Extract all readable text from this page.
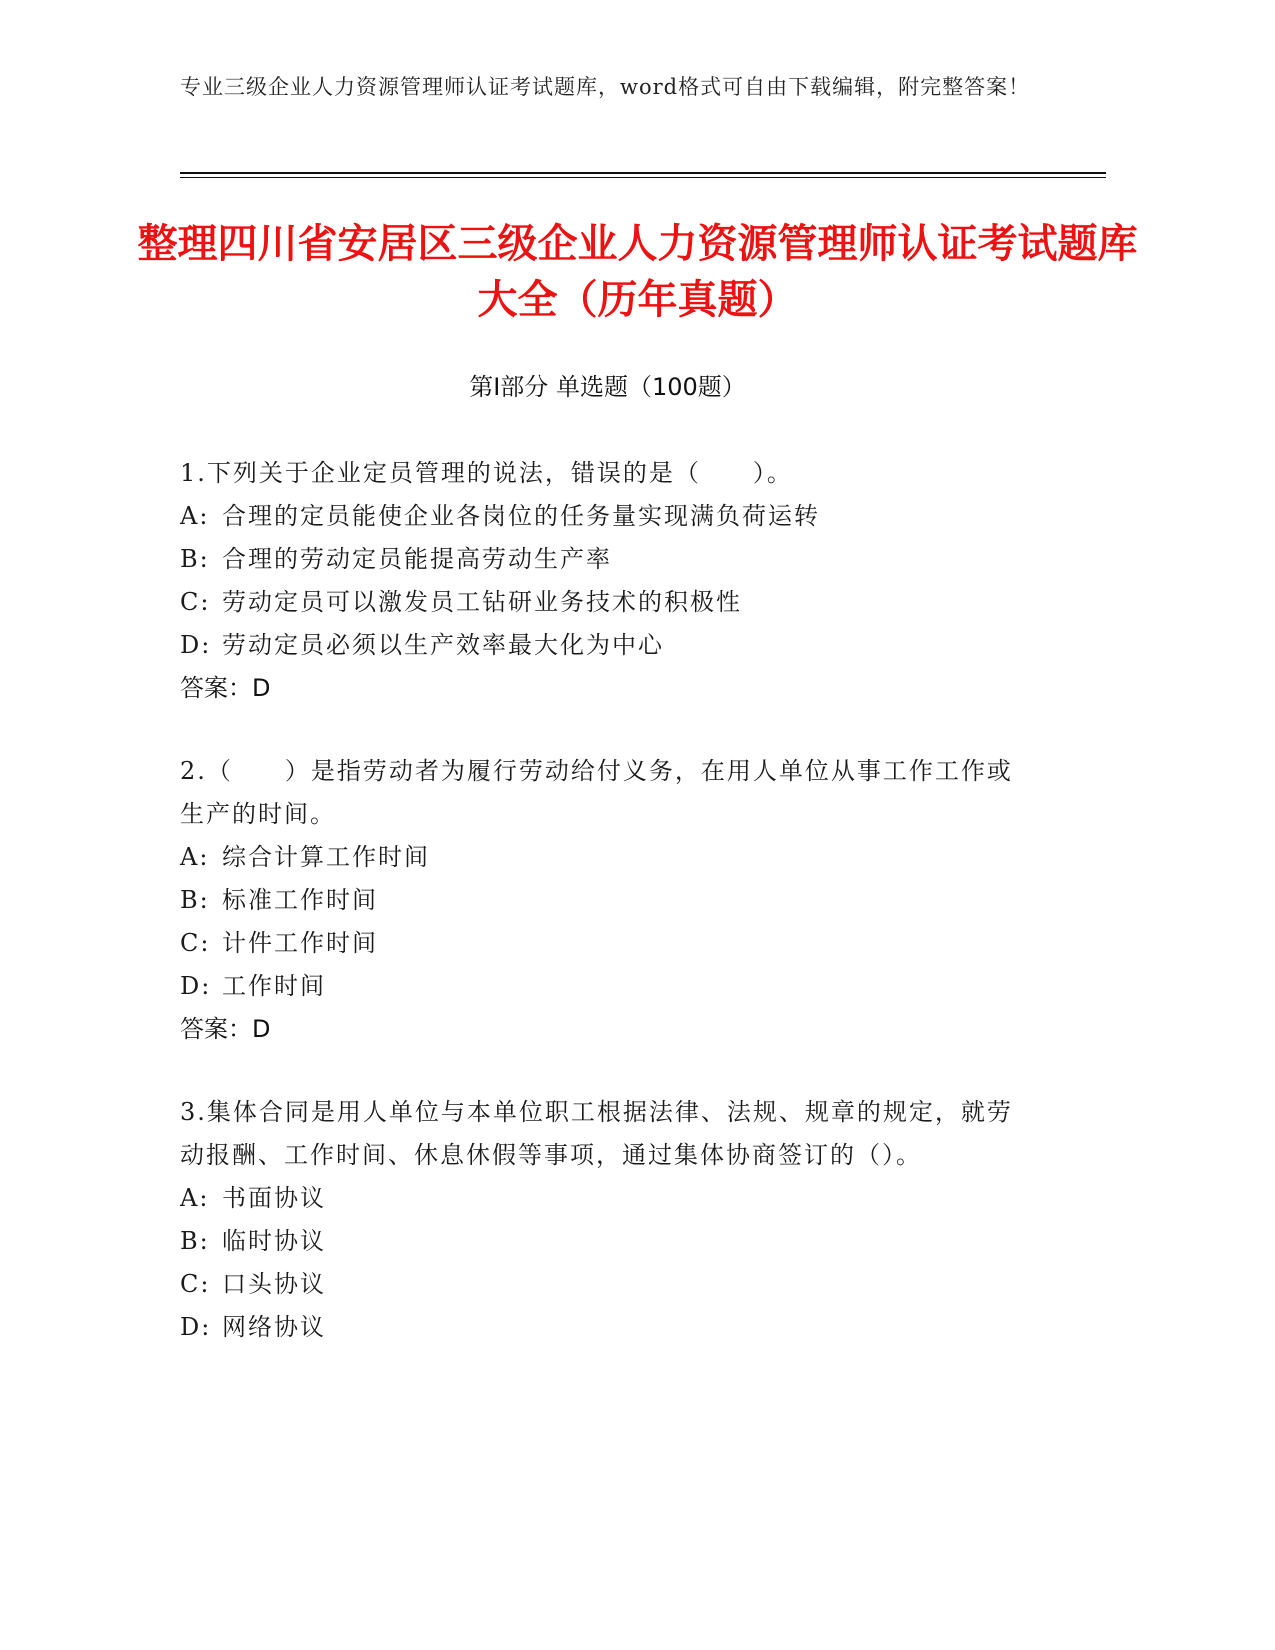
专业三级企业人力资源管理师认证考试题库，word格式可自由下载编辑，附完整答案！
整理四川省安居区三级企业人力资源管理师认证考试题库大全（历年真题）
第Ⅰ部分 单选题（100题）
1.下列关于企业定员管理的说法，错误的是（　　）。
A: 合理的定员能使企业各岗位的任务量实现满负荷运转
B: 合理的劳动定员能提高劳动生产率
C: 劳动定员可以激发员工钻研业务技术的积极性
D: 劳动定员必须以生产效率最大化为中心
答案：D
2.（　　）是指劳动者为履行劳动给付义务，在用人单位从事工作工作或生产的时间。
A: 综合计算工作时间
B: 标准工作时间
C: 计件工作时间
D: 工作时间
答案：D
3.集体合同是用人单位与本单位职工根据法律、法规、规章的规定，就劳动报酬、工作时间、休息休假等事项，通过集体协商签订的（）。
A: 书面协议
B: 临时协议
C: 口头协议
D: 网络协议
